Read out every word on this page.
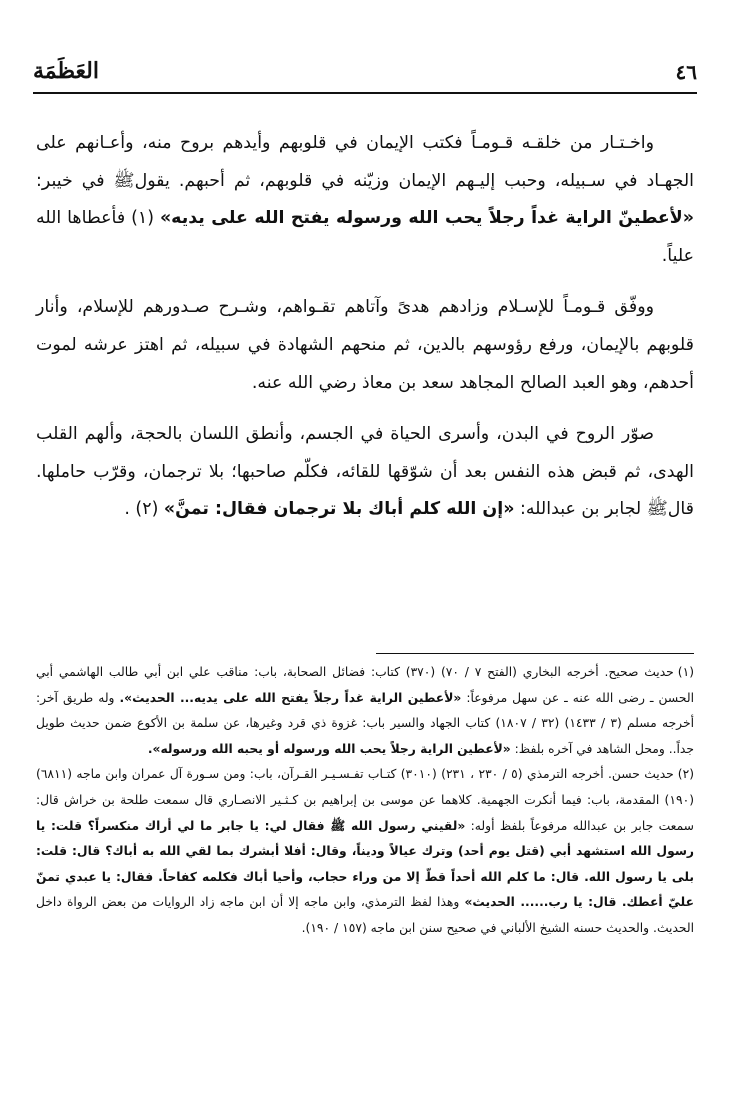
٤٦
العَظَمَة

واخـتـار من خلقـه قـومـاً فكتب الإيمان في قلوبهم وأيدهم بروح منه، وأعـانهم على الجهـاد في سـبيله، وحبب إليـهم الإيمان وزيّنه في قلوبهم، ثم أحبهم. يقولﷺ في خيبر: «لأعطينّ الراية غداً رجلاً يحب الله ورسوله يفتح الله على يديه» (١) فأعطاها الله علياً.

ووفّق قـومـاً للإسـلام وزادهم هدىً وآتاهم تقـواهم، وشـرح صـدورهم للإسلام، وأنار قلوبهم بالإيمان، ورفع رؤوسهم بالدين، ثم منحهم الشهادة في سبيله، ثم اهتز عرشه لموت أحدهم، وهو العبد الصالح المجاهد سعد بن معاذ رضي الله عنه.

صوّر الروح في البدن، وأسرى الحياة في الجسم، وأنطق اللسان بالحجة، وألهم القلب الهدى، ثم قبض هذه النفس بعد أن شوّقها للقائه، فكلّم صاحبها؛ بلا ترجمان، وقرّب حاملها. قالﷺ لجابر بن عبدالله: «إن الله كلم أباك بلا ترجمان فقال: تمنَّ» (٢) .

(١)حديث صحيح. أخرجه البخاري (الفتح ٧ / ٧٠) (٣٧٠) كتاب: فضائل الصحابة، باب: مناقب علي ابن أبي طالب الهاشمي أبي الحسن ـ رضى الله عنه ـ عن سهل مرفوعاً: «لأعطين الراية غداً رجلاً يفتح الله على يديه... الحديث». وله طريق آخر: أخرجه مسلم (٣ / ١٤٣٣) (٣٢ / ١٨٠٧) كتاب الجهاد والسير باب: غزوة ذي قرد وغيرها، عن سلمة بن الأكوع ضمن حديث طويل جداً.. ومحل الشاهد في آخره بلفظ: «لأعطين الراية رجلاً يحب الله ورسوله أو يحبه الله ورسوله».

(٢)حديث حسن. أخرجه الترمذي (٥ / ٢٣٠ ، ٢٣١) (٣٠١٠) كتـاب تفـسـيـر القـرآن، باب: ومن سـورة آل عمران وابن ماجه (٦٨١١) (١٩٠) المقدمة، باب: فيما أنكرت الجهمية. كلاهما عن موسى بن إبراهيم بن كـثـير الانصـاري قال سمعت طلحة بن خراش قال: سمعت جابر بن عبدالله مرفوعاً بلفظ أوله: «لقيني رسول الله ﷺ فقال لي: يا جابر ما لي أراك منكسراً؟ قلت: يا رسول الله استشهد أبي (قتل يوم أحد) وترك عيالاً وديناً، وقال: أفلا أبشرك بما لقي الله به أباك؟ قال: قلت: بلى يا رسول الله. قال: ما كلم الله أحداً قطّ إلا من وراء حجاب، وأحيا أباك فكلمه كفاحاً. فقال: يا عبدي تمنّ عليّ أعطك. قال: يا رب...... الحديث» وهذا لفظ الترمذي، وابن ماجه إلا أن ابن ماجه زاد الروايات من بعض الرواة داخل الحديث. والحديث حسنه الشيخ الألباني في صحيح سنن ابن ماجه (١٥٧ / ١٩٠).
